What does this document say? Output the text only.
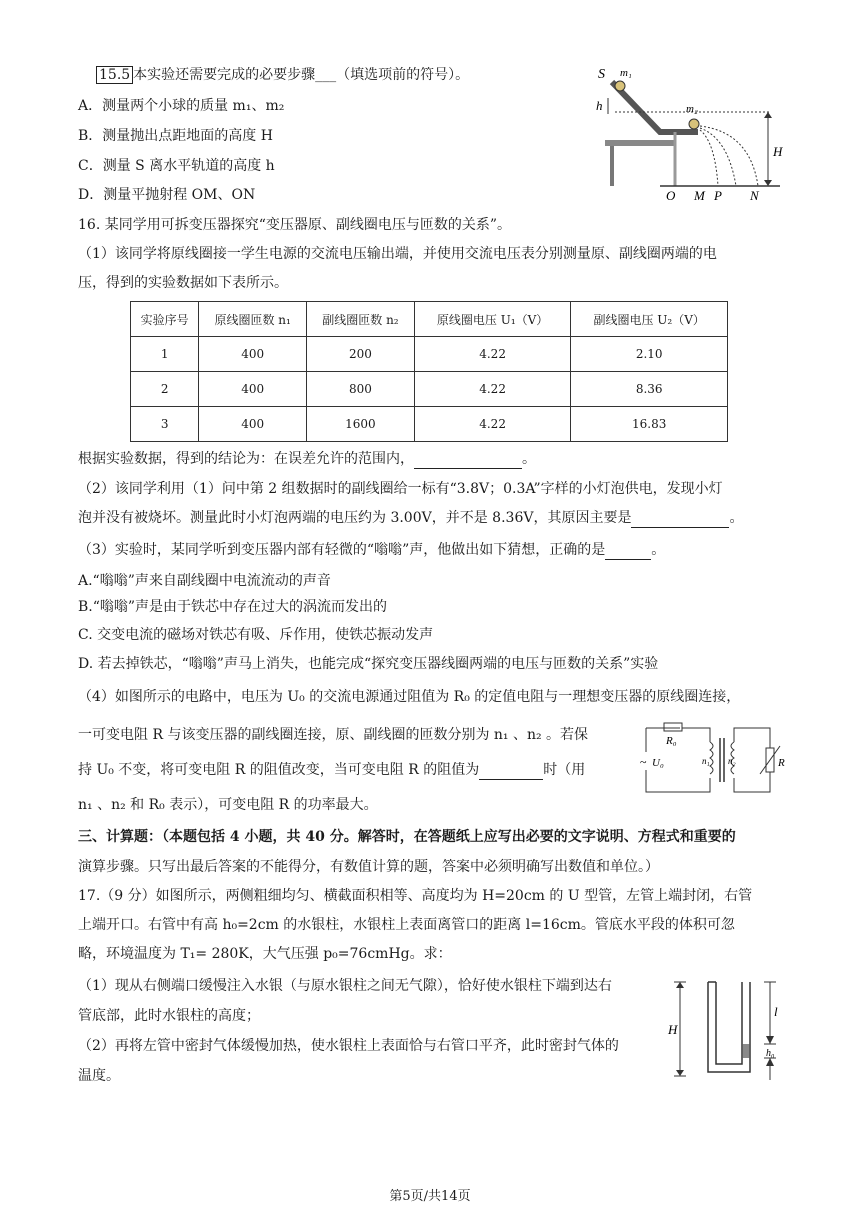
15.5 本实验还需要完成的必要步骤___（填选项前的符号）。
A．测量两个小球的质量 m₁、m₂
B．测量抛出点距地面的高度 H
C．测量 S 离水平轨道的高度 h
D．测量平抛射程 OM、ON
S m₁
m₂
h
H
O M P N
16. 某同学用可拆变压器探究“变压器原、副线圈电压与匝数的关系”。
（1）该同学将原线圈接一学生电源的交流电压输出端，并使用交流电压表分别测量原、副线圈两端的电
压，得到的实验数据如下表所示。
实验序号	原线圈匝数 n₁	副线圈匝数 n₂	原线圈电压 U₁（V）	副线圈电压 U₂（V）
1	400	200	4.22	2.10
2	400	800	4.22	8.36
3	400	1600	4.22	16.83
根据实验数据，得到的结论为：在误差允许的范围内，	。
（2）该同学利用（1）问中第 2 组数据时的副线圈给一标有“3.8V；0.3A”字样的小灯泡供电，发现小灯
泡并没有被烧坏。测量此时小灯泡两端的电压约为 3.00V，并不是 8.36V，其原因主要是	。
（3）实验时，某同学听到变压器内部有轻微的“嗡嗡”声，他做出如下猜想，正确的是	。
A.“嗡嗡”声来自副线圈中电流流动的声音
B.“嗡嗡”声是由于铁芯中存在过大的涡流而发出的
C. 交变电流的磁场对铁芯有吸、斥作用，使铁芯振动发声
D. 若去掉铁芯，“嗡嗡”声马上消失，也能完成“探究变压器线圈两端的电压与匝数的关系”实验
（4）如图所示的电路中，电压为 U₀ 的交流电源通过阻值为 R₀ 的定值电阻与一理想变压器的原线圈连接，
一可变电阻 R 与该变压器的副线圈连接，原、副线圈的匝数分别为 n₁ 、n₂ 。若保
持 U₀ 不变，将可变电阻 R 的阻值改变，当可变电阻 R 的阻值为	时（用
n₁ 、n₂ 和 R₀ 表示），可变电阻 R 的功率最大。
~
R₀
U₀	n₁ n₂	R
三、计算题：（本题包括 4 小题，共 40 分。解答时，在答题纸上应写出必要的文字说明、方程式和重要的
演算步骤。只写出最后答案的不能得分，有数值计算的题，答案中必须明确写出数值和单位。）
17.（9 分）如图所示，两侧粗细均匀、横截面积相等、高度均为 H=20cm 的 U 型管，左管上端封闭，右管
上端开口。右管中有高 h₀=2cm 的水银柱，水银柱上表面离管口的距离 l=16cm。管底水平段的体积可忽
略，环境温度为 T₁= 280K，大气压强 p₀=76cmHg。求：
（1）现从右侧端口缓慢注入水银（与原水银柱之间无气隙），恰好使水银柱下端到达右
管底部，此时水银柱的高度；
（2）再将左管中密封气体缓慢加热，使水银柱上表面恰与右管口平齐，此时密封气体的
温度。
H
l
h₀
第5页/共14页
